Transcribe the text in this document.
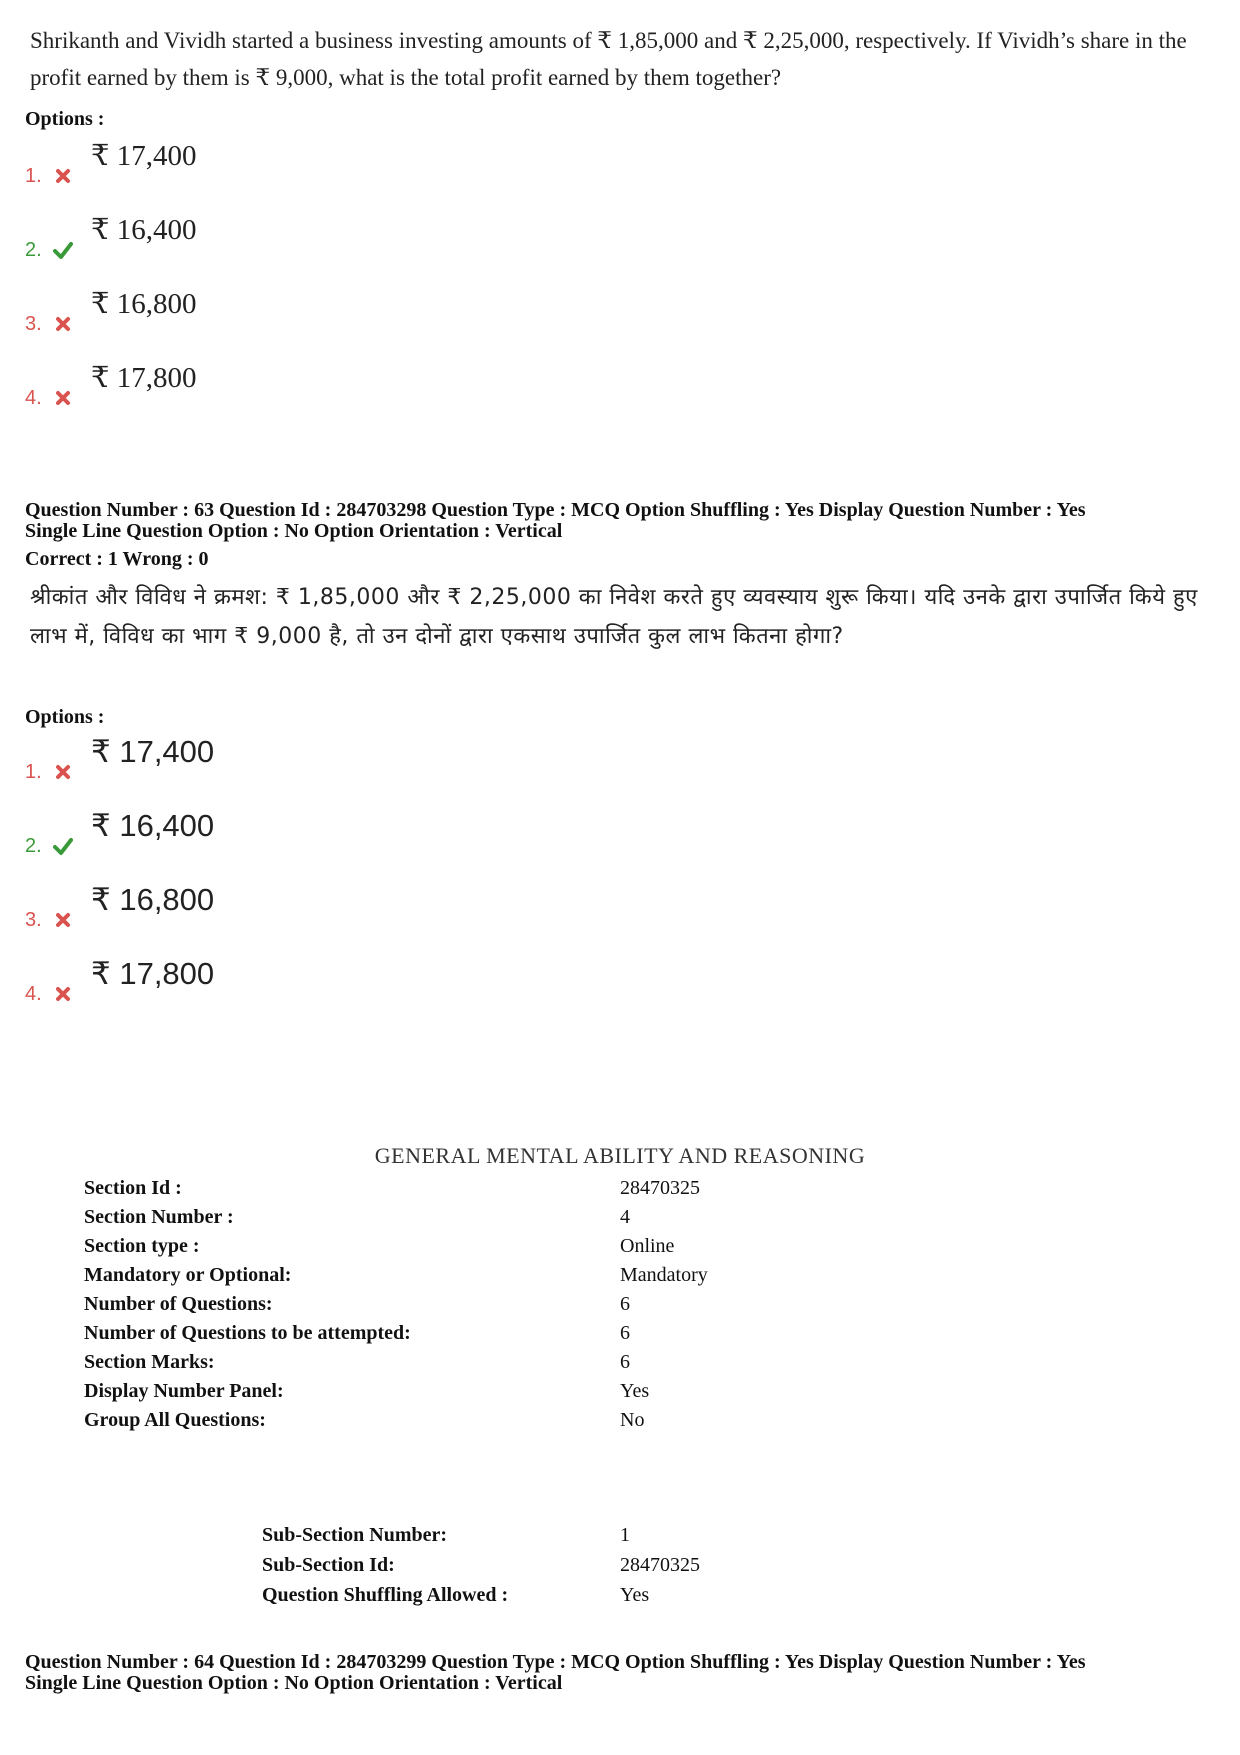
Shrikanth and Vividh started a business investing amounts of ₹ 1,85,000 and ₹ 2,25,000, respectively. If Vividh’s share in the profit earned by them is ₹ 9,000, what is the total profit earned by them together?
Options :
1.
₹ 17,400
2.
₹ 16,400
3.
₹ 16,800
4.
₹ 17,800
Question Number : 63 Question Id : 284703298 Question Type : MCQ Option Shuffling : Yes Display Question Number : Yes
Single Line Question Option : No Option Orientation : Vertical
Correct : 1 Wrong : 0
श्रीकांत और विविध ने क्रमश: ₹ 1,85,000 और ₹ 2,25,000 का निवेश करते हुए व्यवस्याय शुरू किया। यदि उनके द्वारा उपार्जित किये हुए लाभ में, विविध का भाग ₹ 9,000 है, तो उन दोनों द्वारा एकसाथ उपार्जित कुल लाभ कितना होगा?
Options :
1.
₹ 17,400
2.
₹ 16,400
3.
₹ 16,800
4.
₹ 17,800
GENERAL MENTAL ABILITY AND REASONING
Section Id :	28470325
Section Number :	4
Section type :	Online
Mandatory or Optional:	Mandatory
Number of Questions:	6
Number of Questions to be attempted:	6
Section Marks:	6
Display Number Panel:	Yes
Group All Questions:	No
Sub-Section Number:	1
Sub-Section Id:	28470325
Question Shuffling Allowed :	Yes
Question Number : 64 Question Id : 284703299 Question Type : MCQ Option Shuffling : Yes Display Question Number : Yes
Single Line Question Option : No Option Orientation : Vertical
